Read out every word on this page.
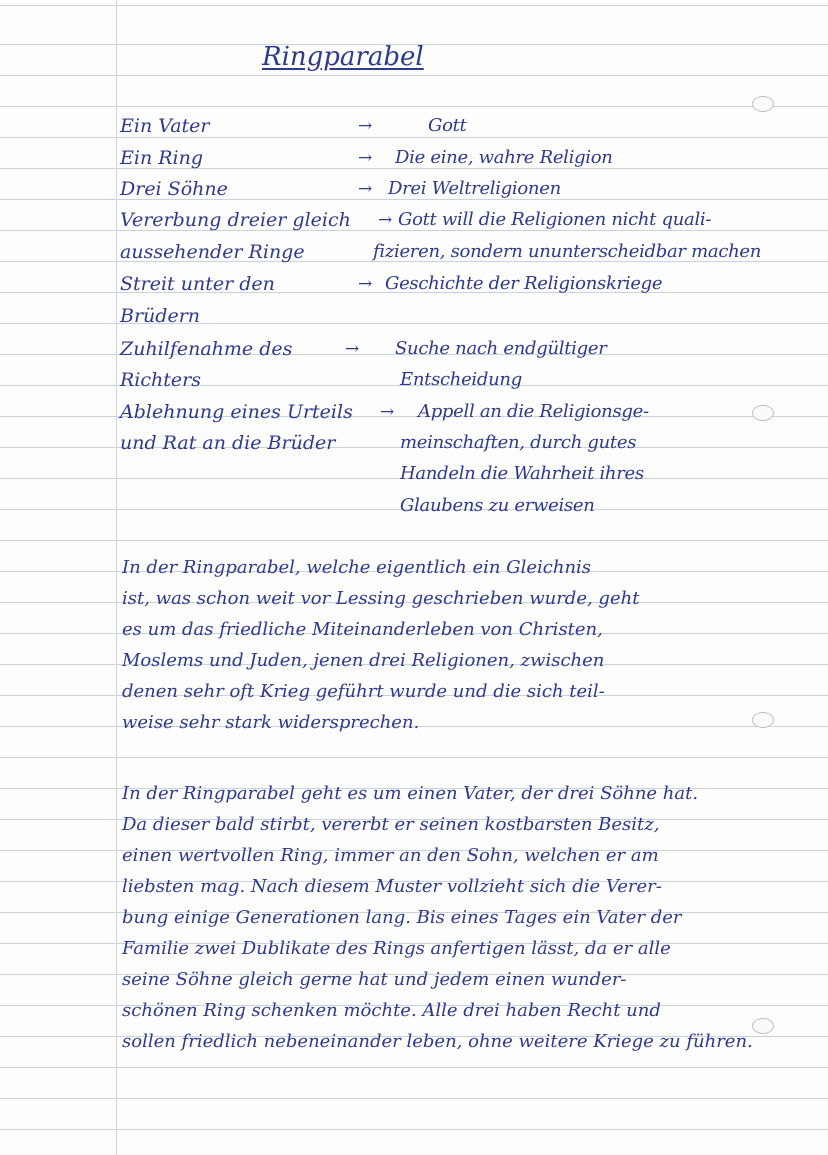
Ringparabel
Ein Vater	→	Gott
Ein Ring	→ Die eine, wahre Religion
Drei Söhne	→ Drei Weltreligionen
Vererbung dreier gleich → Gott will die Religionen nicht quali-
aussehender Ringe	fizieren, sondern ununterscheidbar machen
Streit unter den	→ Geschichte der Religionskriege
Brüdern
Zuhilfenahme des	→ Suche nach endgültiger
Richters	Entscheidung
Ablehnung eines Urteils → Appell an die Religionsge-
und Rat an die Brüder	meinschaften, durch gutes
Handeln die Wahrheit ihres
Glaubens zu erweisen
In der Ringparabel, welche eigentlich ein Gleichnis
ist, was schon weit vor Lessing geschrieben wurde, geht
es um das friedliche Miteinanderleben von Christen,
Moslems und Juden, jenen drei Religionen, zwischen
denen sehr oft Krieg geführt wurde und die sich teil-
weise sehr stark widersprechen.
In der Ringparabel geht es um einen Vater, der drei Söhne hat.
Da dieser bald stirbt, vererbt er seinen kostbarsten Besitz,
einen wertvollen Ring, immer an den Sohn, welchen er am
liebsten mag. Nach diesem Muster vollzieht sich die Verer-
bung einige Generationen lang. Bis eines Tages ein Vater der
Familie zwei Dublikate des Rings anfertigen lässt, da er alle
seine Söhne gleich gerne hat und jedem einen wunder-
schönen Ring schenken möchte. Alle drei haben Recht und
sollen friedlich nebeneinander leben, ohne weitere Kriege zu führen.
